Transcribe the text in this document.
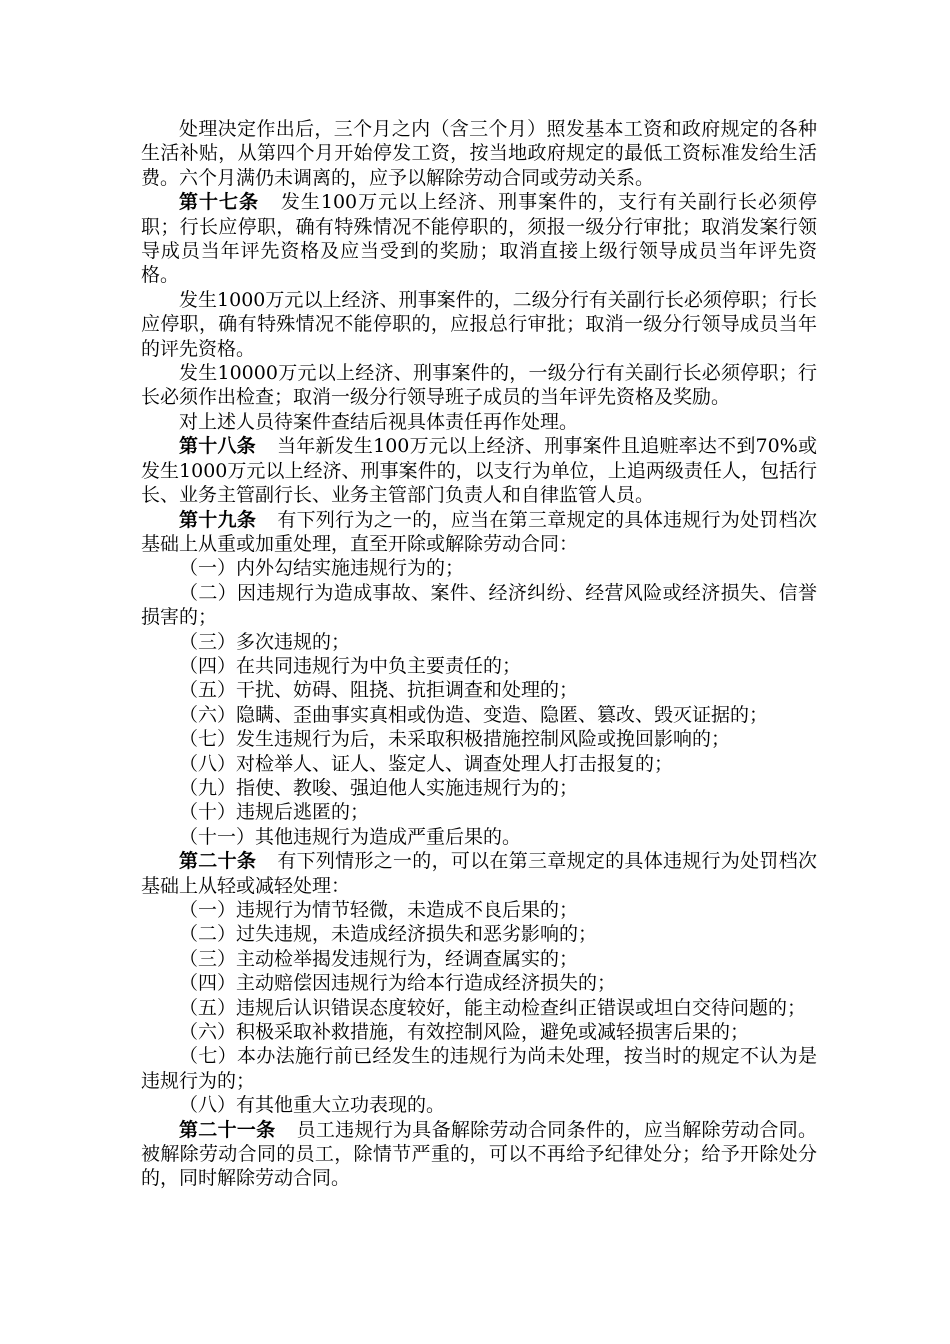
处理决定作出后，三个月之内（含三个月）照发基本工资和政府规定的各种生活补贴，从第四个月开始停发工资，按当地政府规定的最低工资标准发给生活费。六个月满仍未调离的，应予以解除劳动合同或劳动关系。

第十七条 发生100万元以上经济、刑事案件的，支行有关副行长必须停职；行长应停职，确有特殊情况不能停职的，须报一级分行审批；取消发案行领导成员当年评先资格及应当受到的奖励；取消直接上级行领导成员当年评先资格。

发生1000万元以上经济、刑事案件的，二级分行有关副行长必须停职；行长应停职，确有特殊情况不能停职的，应报总行审批；取消一级分行领导成员当年的评先资格。

发生10000万元以上经济、刑事案件的，一级分行有关副行长必须停职；行长必须作出检查；取消一级分行领导班子成员的当年评先资格及奖励。

对上述人员待案件查结后视具体责任再作处理。

第十八条 当年新发生100万元以上经济、刑事案件且追赃率达不到70%或发生1000万元以上经济、刑事案件的，以支行为单位，上追两级责任人，包括行长、业务主管副行长、业务主管部门负责人和自律监管人员。

第十九条 有下列行为之一的，应当在第三章规定的具体违规行为处罚档次基础上从重或加重处理，直至开除或解除劳动合同：

（一）内外勾结实施违规行为的；

（二）因违规行为造成事故、案件、经济纠纷、经营风险或经济损失、信誉损害的；

（三）多次违规的；

（四）在共同违规行为中负主要责任的；

（五）干扰、妨碍、阻挠、抗拒调查和处理的；

（六）隐瞒、歪曲事实真相或伪造、变造、隐匿、篡改、毁灭证据的；

（七）发生违规行为后，未采取积极措施控制风险或挽回影响的；

（八）对检举人、证人、鉴定人、调查处理人打击报复的；

（九）指使、教唆、强迫他人实施违规行为的；

（十）违规后逃匿的；

（十一）其他违规行为造成严重后果的。

第二十条 有下列情形之一的，可以在第三章规定的具体违规行为处罚档次基础上从轻或减轻处理：

（一）违规行为情节轻微，未造成不良后果的；

（二）过失违规，未造成经济损失和恶劣影响的；

（三）主动检举揭发违规行为，经调查属实的；

（四）主动赔偿因违规行为给本行造成经济损失的；

（五）违规后认识错误态度较好，能主动检查纠正错误或坦白交待问题的；

（六）积极采取补救措施，有效控制风险，避免或减轻损害后果的；

（七）本办法施行前已经发生的违规行为尚未处理，按当时的规定不认为是违规行为的；

（八）有其他重大立功表现的。

第二十一条 员工违规行为具备解除劳动合同条件的，应当解除劳动合同。被解除劳动合同的员工，除情节严重的，可以不再给予纪律处分；给予开除处分的，同时解除劳动合同。
